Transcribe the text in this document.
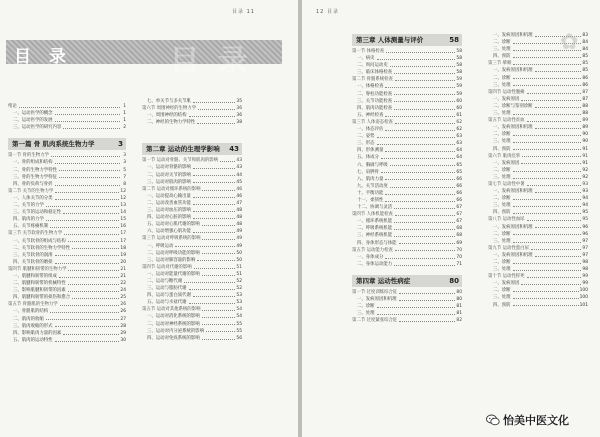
目录 11
目 录
目 录
绪论	1
一、运动医学的概念	1
二、运动医学的发展	1
三、运动医学的研究内容	2
第一篇 骨 肌肉系统生物力学	3
第一节 骨的生物力学	3
一、骨的组成和结构	3
二、骨的生物力学特性	5
三、骨的生物力学特征	7
四、骨的负荷与骨折	8
第二节 关节的生物力学	12
一、人体关节的分类	12
二、关节的力学	13
三、关节的运动和稳定性	14
四、肌肉的力学	15
五、关节疼痛机制	16
第三节 关节软骨的生物力学	17
一、关节软骨的组成与结构	17
二、关节软骨的生物力学特性	18
三、关节软骨的润滑	19
四、关节软骨的磨损	20
第四节 肌腱和韧带的生物力学	21
一、肌腱和韧带的组成	21
二、肌腱和韧带的机械特性	22
三、影响肌腱和韧带的因素	24
四、肌腱和韧带的损伤和愈合	25
第五节 骨骼肌的生物力学	26
一、骨骼肌的结构	26
二、肌肉的收缩	27
三、肌肉收缩的形式	28
四、影响肌肉力量的因素	29
五、肌肉的运动特性	30
七、单关节与多关节肌	35
第六节 周围神经的生物力学	36
一、周围神经的结构	36
二、神经的生物力学特性	38
第二章 运动的生理学影响 43
第一节 运动对骨骼、关节和肌肉的影响	43
一、运动对骨骼的影响	43
二、运动对关节的影响	44
三、运动对肌肉的影响	45
第二节 运动对循环系统的影响	46
一、运动提高心输出量	46
二、运动改善血管功能	47
三、运动对血压的影响	48
四、运动对心脏的影响	48
五、运动对心肌代谢的影响	48
六、运动增强心肌功能	49
第三节 运动对呼吸系统的影响	49
一、呼吸运动	49
二、运动对呼吸功能的影响	50
三、运动对肺容量的影响	50
第四节 运动对代谢的影响	51
一、运动对能量代谢的影响	51
二、运动与糖代谢	52
三、运动与脂肪代谢	52
四、运动与蛋白质代谢	53
五、运动与水盐代谢	53
第五节 运动对其他系统的影响	54
一、运动对消化系统的影响	54
二、运动对神经系统的影响	55
三、运动对内分泌系统的影响	55
四、运动对免疫系统的影响	56
12 目录
第三章 人体测量与评价	58
第一节 体格检查	58
一、病史	58
二、询问运动史	58
三、临床体格检查	58
第二节 骨骼系统检查	59
一、体格检查	59
二、脊柱功能检查	59
三、关节功能检查	60
四、肌肉功能检查	60
五、神经检查	61
第三节 人体姿态检查	62
一、体态评估	62
二、姿势	63
三、形态	63
四、形体测量	64
五、体成分	64
六、胸廓与呼吸	65
七、肩胛骨	65
八、肌肉力量	66
九、关节活动度	66
十、平衡功能	66
十一、柔韧性	66
十二、协调与灵活	67
第四节 人体机能检查	67
一、循环系统机能	67
二、呼吸系统机能	68
三、神经系统机能	68
四、身体形态与体能	69
第五节 运动能力检查	70
一、身体成分	70
二、身体运动能力	71
第四章 运动性病症	80
第一节 过度训练综合征	80
一、发病原因和机理	80
二、诊断	81
三、处理	81
第二节 过度紧张综合征	82
一、发病原因和机理	83
二、诊断	84
三、处理	84
四、预防	85
第三节 晕厥	85
一、发病原因和机理	85
二、诊断	86
三、处理	86
第四节 运动性腹痛	87
一、发病原因	87
二、诊断与鉴别诊断	88
三、处理	88
第五节 运动性贫血	89
一、发病原因和机理	89
二、诊断	90
三、处理	90
四、预防	91
第六节 肌肉痉挛	91
一、发病原因	91
二、诊断	92
三、处理	92
第七节 运动性中暑	93
一、发病原因和机理	93
二、诊断	94
三、处理	94
四、预防	95
第八节 运动性血尿	95
一、发病原因和机理	96
二、诊断	96
三、处理	97
第九节 运动性蛋白尿	97
一、发病原因和机理	97
二、诊断	98
三、处理	98
第十节 运动性猝死	99
一、发病原因	99
二、诊断	100
三、处理	100
四、预防	101
✿
怡美中医文化
